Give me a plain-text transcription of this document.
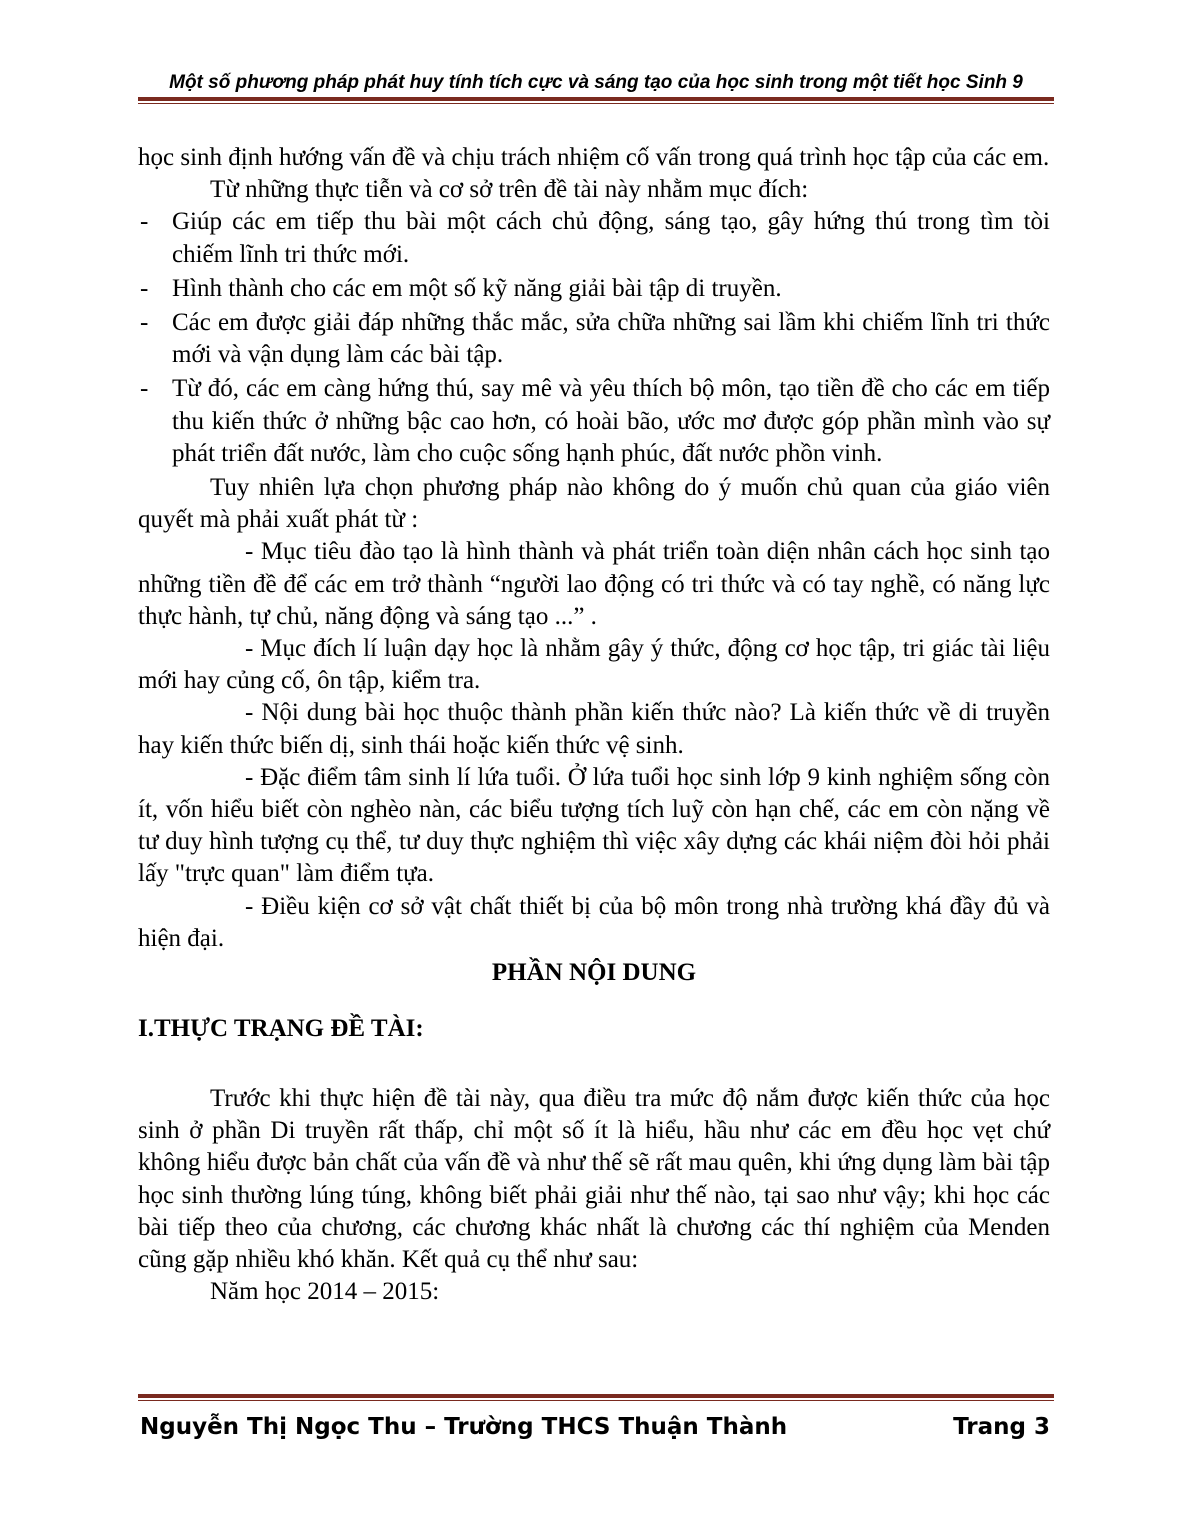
Một số phương pháp phát huy tính tích cực và sáng tạo của học sinh trong một tiết học Sinh 9

học sinh định hướng vấn đề và chịu trách nhiệm cố vấn trong quá trình học tập của các em.

Từ những thực tiễn và cơ sở trên đề tài này nhằm mục đích:

- Giúp các em tiếp thu bài một cách chủ động, sáng tạo, gây hứng thú trong tìm tòi chiếm lĩnh tri thức mới.
- Hình thành cho các em một số kỹ năng giải bài tập di truyền.
- Các em được giải đáp những thắc mắc, sửa chữa những sai lầm khi chiếm lĩnh tri thức mới và vận dụng làm các bài tập.
- Từ đó, các em càng hứng thú, say mê và yêu thích bộ môn, tạo tiền đề cho các em tiếp thu kiến thức ở những bậc cao hơn, có hoài bão, ước mơ được góp phần mình vào sự phát triển đất nước, làm cho cuộc sống hạnh phúc, đất nước phồn vinh.

Tuy nhiên lựa chọn phương pháp nào không do ý muốn chủ quan của giáo viên quyết mà phải xuất phát từ :

- Mục tiêu đào tạo là hình thành và phát triển toàn diện nhân cách học sinh tạo những tiền đề để các em trở thành “người lao động có tri thức và có tay nghề, có năng lực thực hành, tự chủ, năng động và sáng tạo ...” .

- Mục đích lí luận dạy học là nhằm gây ý thức, động cơ học tập, tri giác tài liệu mới hay củng cố, ôn tập, kiểm tra.

- Nội dung bài học thuộc thành phần kiến thức nào? Là kiến thức về di truyền hay kiến thức biến dị, sinh thái hoặc kiến thức vệ sinh.

- Đặc điểm tâm sinh lí lứa tuổi. Ở lứa tuổi học sinh lớp 9 kinh nghiệm sống còn ít, vốn hiểu biết còn nghèo nàn, các biểu tượng tích luỹ còn hạn chế, các em còn nặng về tư duy hình tượng cụ thể, tư duy thực nghiệm thì việc xây dựng các khái niệm đòi hỏi phải lấy "trực quan" làm điểm tựa.

- Điều kiện cơ sở vật chất thiết bị của bộ môn trong nhà trường khá đầy đủ và hiện đại.

PHẦN NỘI DUNG
I.THỰC TRẠNG ĐỀ TÀI:

Trước khi thực hiện đề tài này, qua điều tra mức độ nắm được kiến thức của học sinh ở phần Di truyền rất thấp, chỉ một số ít là hiểu, hầu như các em đều học vẹt chứ không hiểu được bản chất của vấn đề và như thế sẽ rất mau quên, khi ứng dụng làm bài tập học sinh thường lúng túng, không biết phải giải như thế nào, tại sao như vậy; khi học các bài tiếp theo của chương, các chương khác nhất là chương các thí nghiệm của Menden cũng gặp nhiều khó khăn. Kết quả cụ thể như sau:

Năm học 2014 – 2015:

Nguyễn Thị Ngọc Thu – Trường THCS Thuận Thành	Trang 3
